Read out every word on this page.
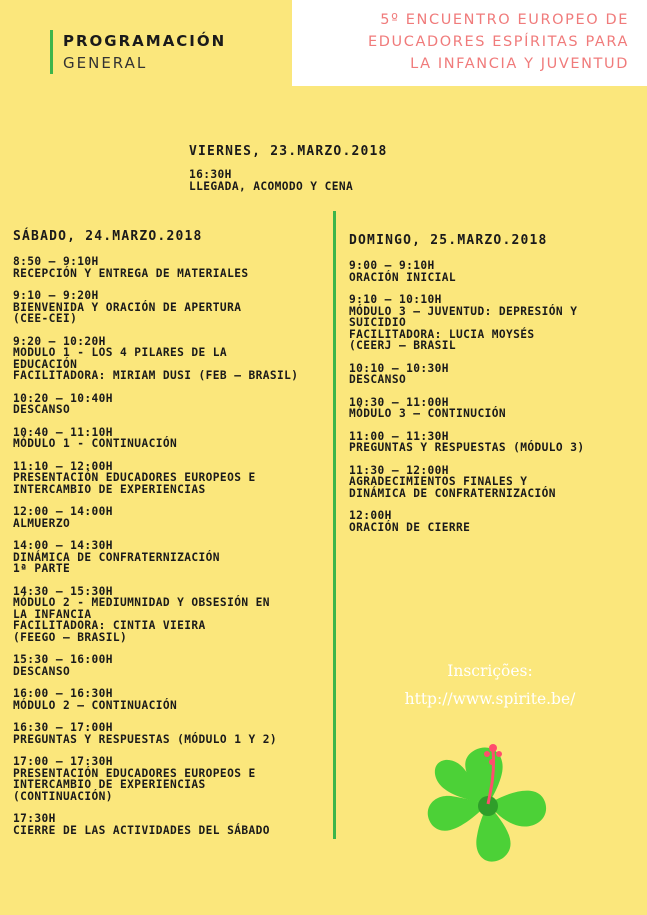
PROGRAMACIÓN
GENERAL
5º ENCUENTRO EUROPEO DE
EDUCADORES ESPÍRITAS PARA
LA INFANCIA Y JUVENTUD
VIERNES, 23.MARZO.2018
16:30H
LLEGADA, ACOMODO Y CENA
SÁBADO, 24.MARZO.2018
8:50 – 9:10H
RECEPCIÓN Y ENTREGA DE MATERIALES
9:10 – 9:20H
BIENVENIDA Y ORACIÓN DE APERTURA
(CEE-CEI)
9:20 – 10:20H
MODULO 1 - LOS 4 PILARES DE LA
EDUCACIÓN
FACILITADORA: MIRIAM DUSI (FEB – BRASIL)
10:20 – 10:40H
DESCANSO
10:40 – 11:10H
MÓDULO 1 - CONTINUACIÓN
11:10 – 12:00H
PRESENTACIÓN EDUCADORES EUROPEOS E
INTERCAMBIO DE EXPERIENCIAS
12:00 – 14:00H
ALMUERZO
14:00 – 14:30H
DINÁMICA DE CONFRATERNIZACIÓN
1ª PARTE
14:30 – 15:30H
MÓDULO 2 - MEDIUMNIDAD Y OBSESIÓN EN
LA INFANCIA
FACILITADORA: CINTIA VIEIRA
(FEEGO – BRASIL)
15:30 – 16:00H
DESCANSO
16:00 – 16:30H
MÓDULO 2 – CONTINUACIÓN
16:30 – 17:00H
PREGUNTAS Y RESPUESTAS (MÓDULO 1 Y 2)
17:00 – 17:30H
PRESENTACIÓN EDUCADORES EUROPEOS E
INTERCAMBIO DE EXPERIENCIAS
(CONTINUACIÓN)
17:30H
CIERRE DE LAS ACTIVIDADES DEL SÁBADO
DOMINGO, 25.MARZO.2018
9:00 – 9:10H
ORACIÓN INICIAL
9:10 – 10:10H
MÓDULO 3 – JUVENTUD: DEPRESIÓN Y
SUICIDIO
FACILITADORA: LUCIA MOYSÉS
(CEERJ – BRASIL
10:10 – 10:30H
DESCANSO
10:30 – 11:00H
MÓDULO 3 – CONTINUCIÓN
11:00 – 11:30H
PREGUNTAS Y RESPUESTAS (MÓDULO 3)
11:30 – 12:00H
AGRADECIMIENTOS FINALES Y
DINÁMICA DE CONFRATERNIZACIÓN
12:00H
ORACIÓN DE CIERRE
Inscrições:
http://www.spirite.be/
